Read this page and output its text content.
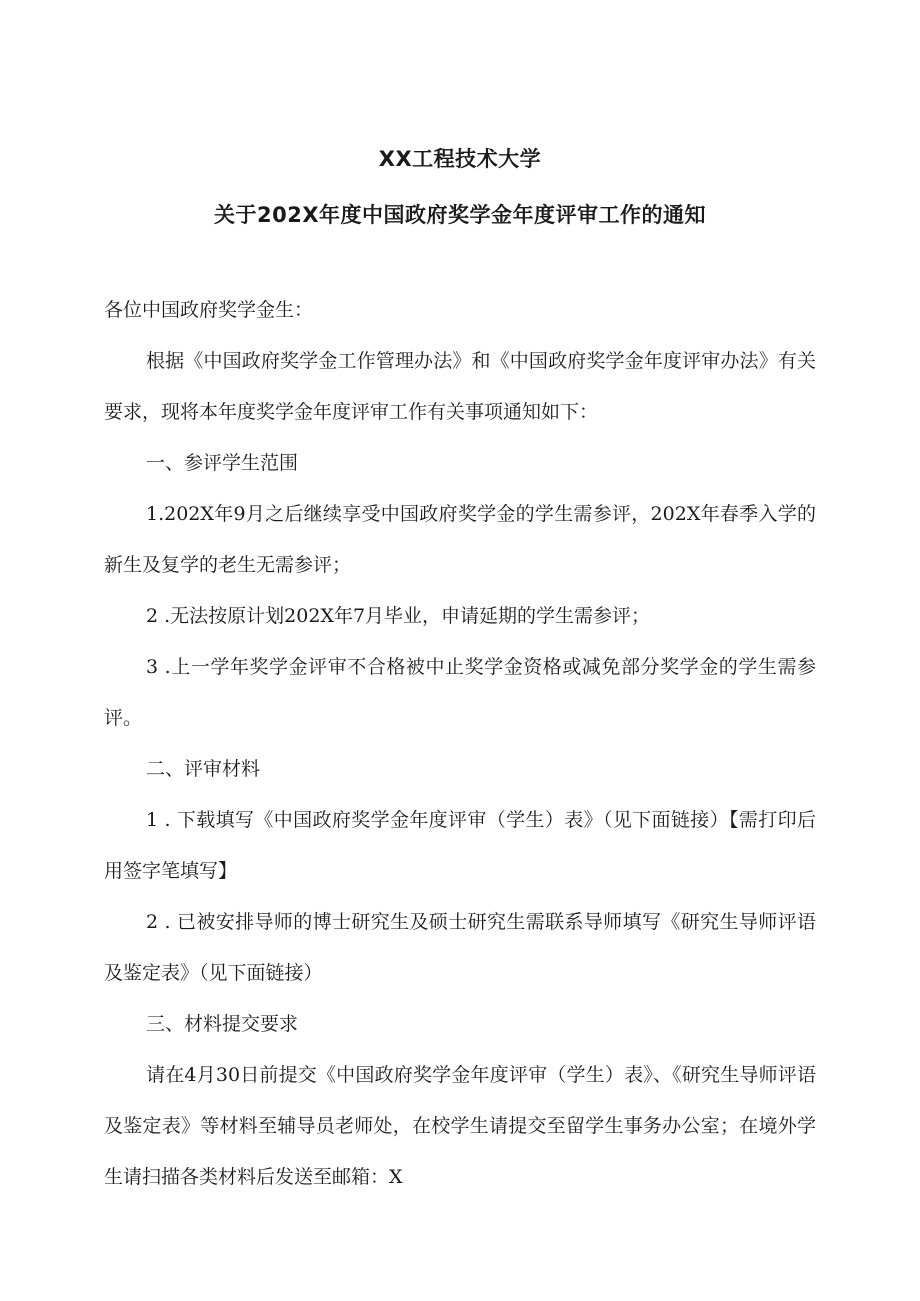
XX工程技术大学
关于202X年度中国政府奖学金年度评审工作的通知

各位中国政府奖学金生：

根据《中国政府奖学金工作管理办法》和《中国政府奖学金年度评审办法》有关要求，现将本年度奖学金年度评审工作有关事项通知如下：

一、参评学生范围

1.202X年9月之后继续享受中国政府奖学金的学生需参评，202X年春季入学的新生及复学的老生无需参评；

2 .无法按原计划202X年7月毕业，申请延期的学生需参评；

3 .上一学年奖学金评审不合格被中止奖学金资格或减免部分奖学金的学生需参评。

二、评审材料

1 . 下载填写《中国政府奖学金年度评审（学生）表》（见下面链接）【需打印后用签字笔填写】

2 . 已被安排导师的博士研究生及硕士研究生需联系导师填写《研究生导师评语及鉴定表》（见下面链接）

三、材料提交要求

请在4月30日前提交《中国政府奖学金年度评审（学生）表》、《研究生导师评语及鉴定表》等材料至辅导员老师处，在校学生请提交至留学生事务办公室；在境外学生请扫描各类材料后发送至邮箱：X
